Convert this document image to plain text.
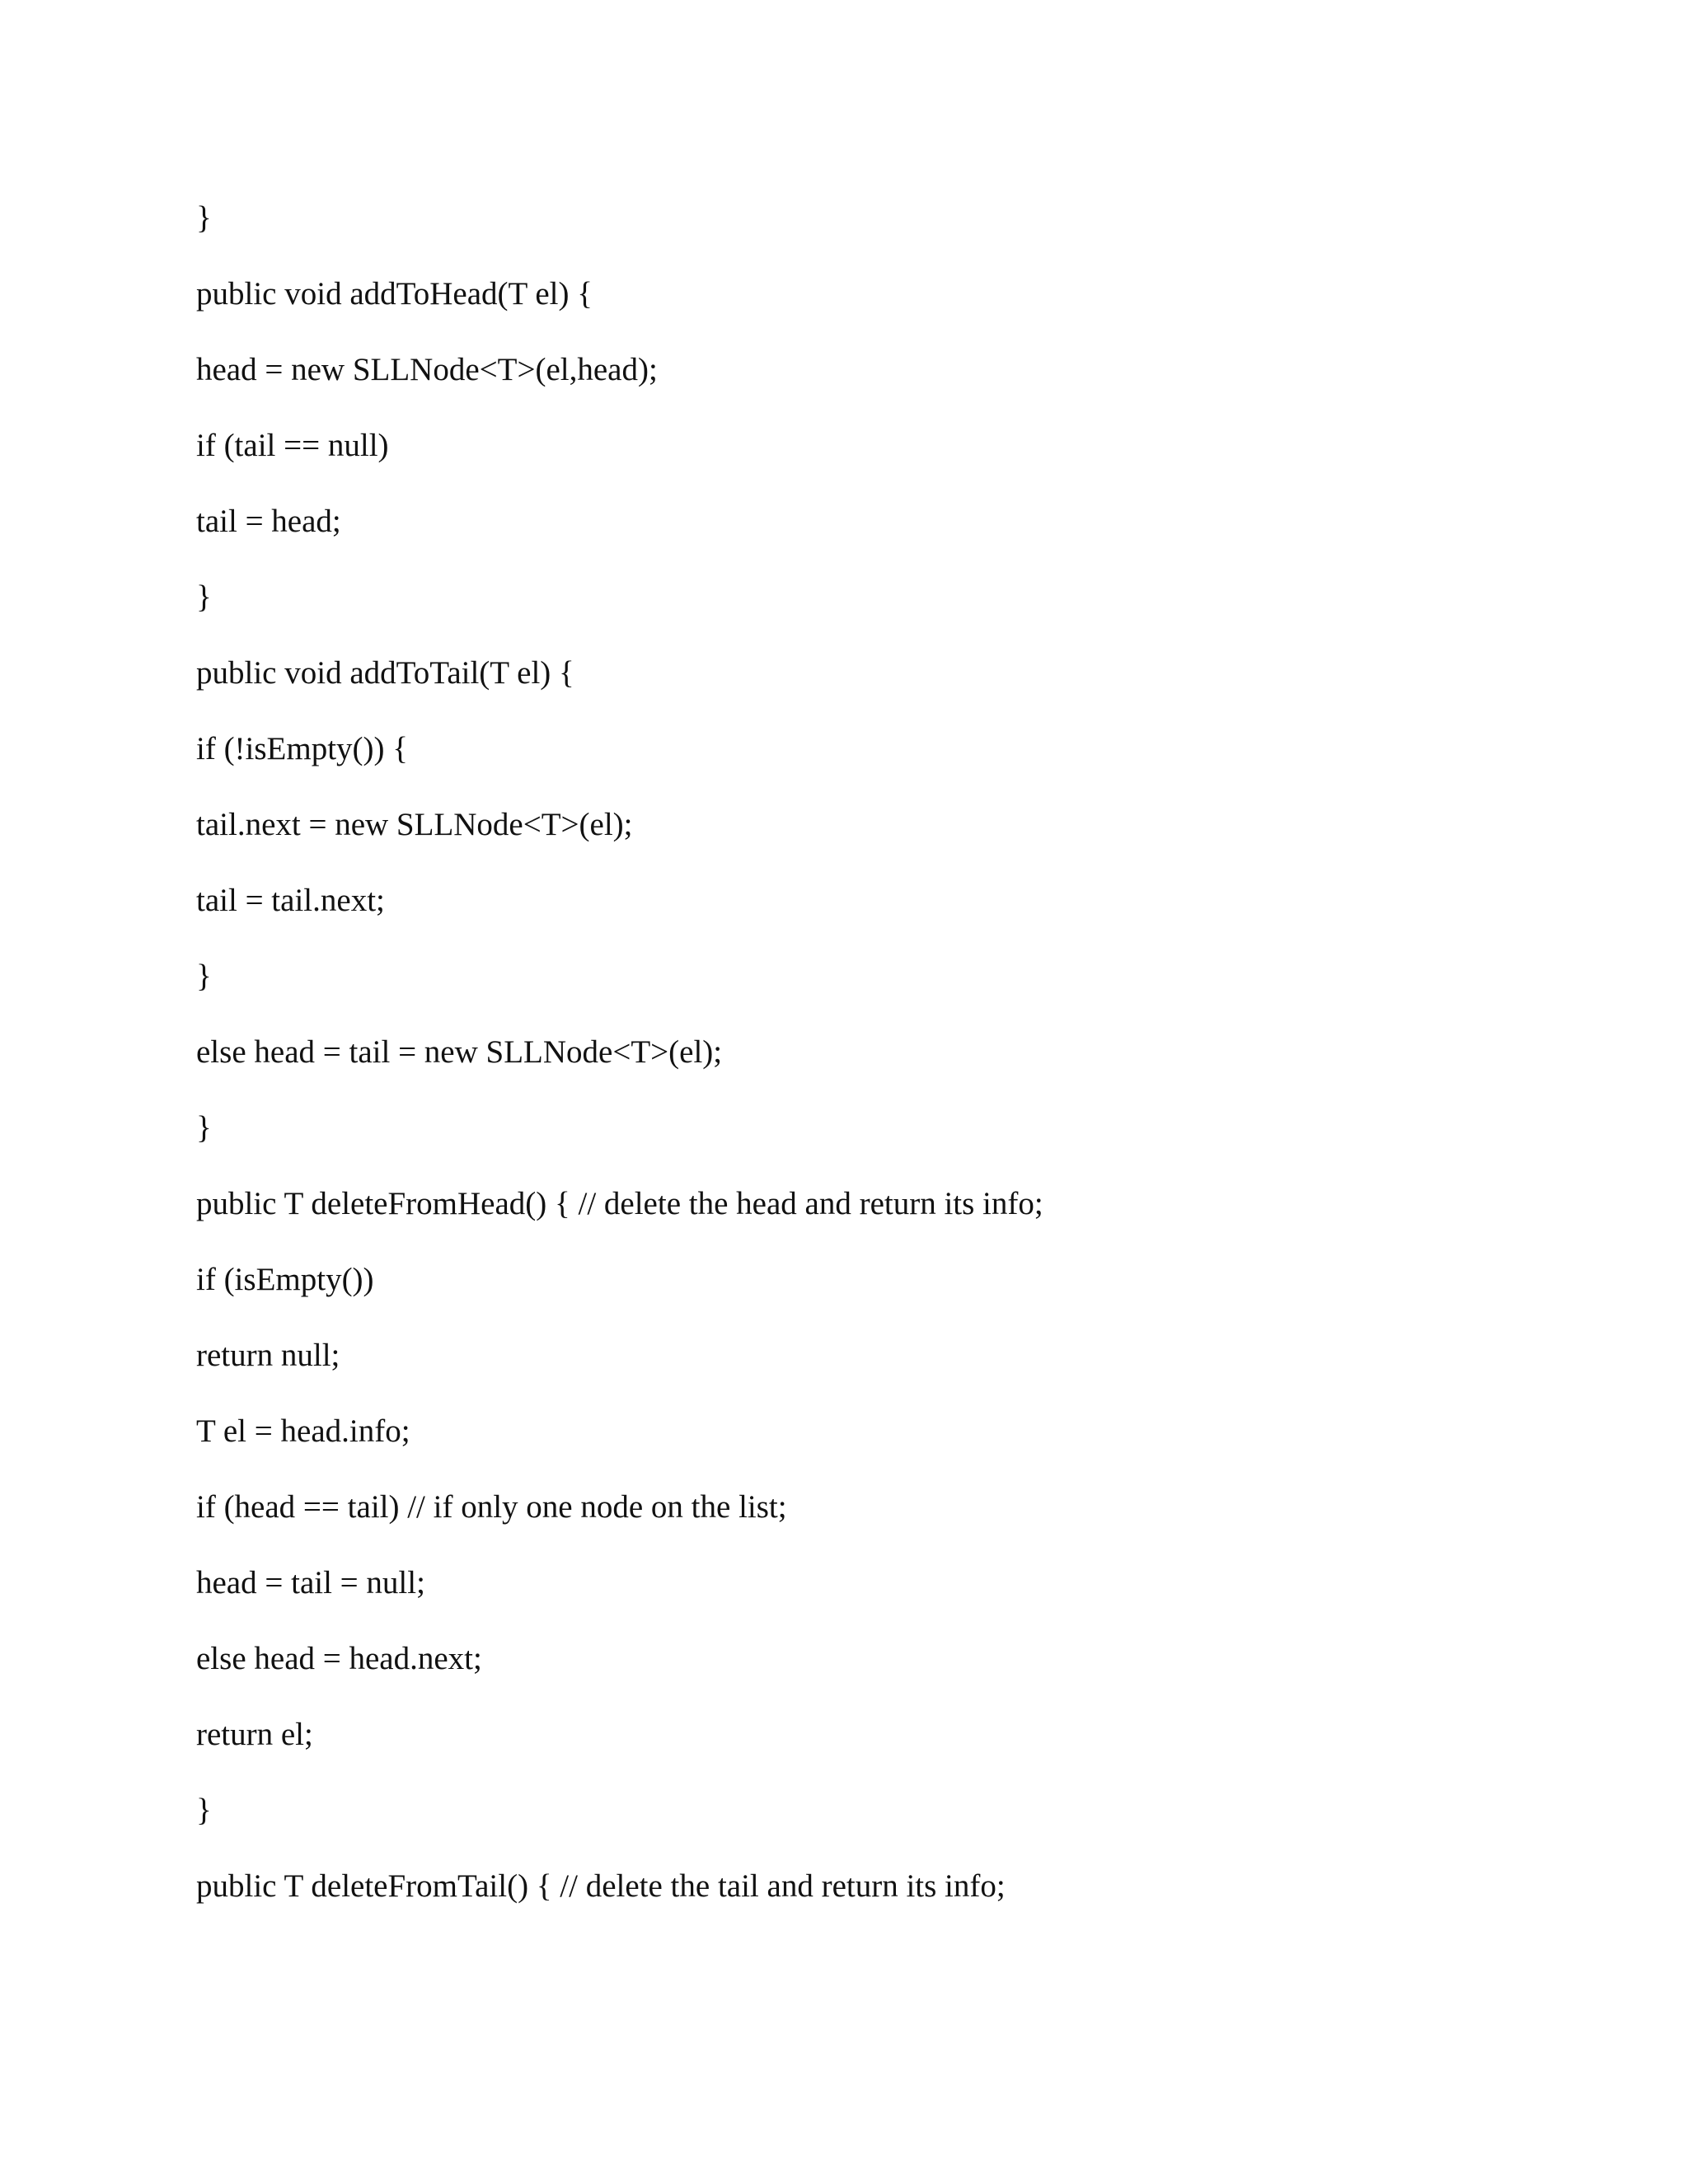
}
public void addToHead(T el) {
head = new SLLNode<T>(el,head);
if (tail == null)
tail = head;
}
public void addToTail(T el) {
if (!isEmpty()) {
tail.next = new SLLNode<T>(el);
tail = tail.next;
}
else head = tail = new SLLNode<T>(el);
}
public T deleteFromHead() { // delete the head and return its info;
if (isEmpty())
return null;
T el = head.info;
if (head == tail) // if only one node on the list;
head = tail = null;
else head = head.next;
return el;
}
public T deleteFromTail() { // delete the tail and return its info;
